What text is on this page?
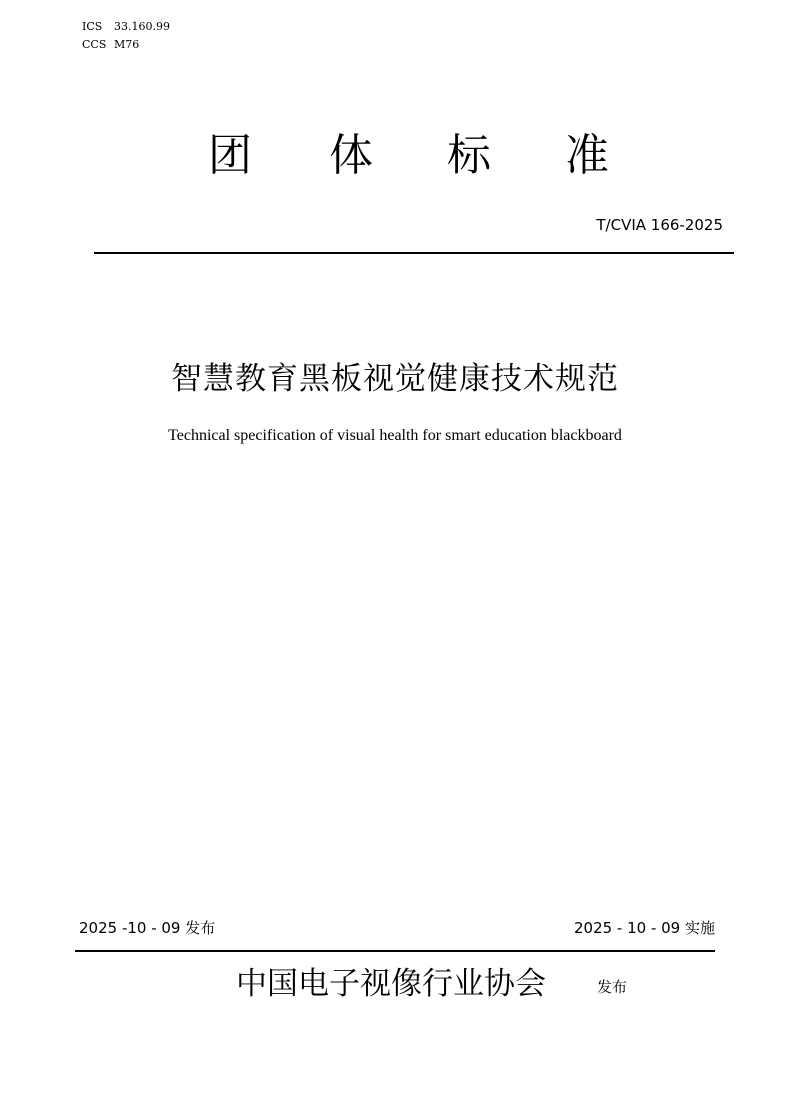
ICS 33.160.99
CCS M76
团 体 标 准
T/CVIA 166-2025
智慧教育黑板视觉健康技术规范
Technical specification of visual health for smart education blackboard
2025 -10 - 09 发布	2025 - 10 - 09 实施
中国电子视像行业协会	发布
